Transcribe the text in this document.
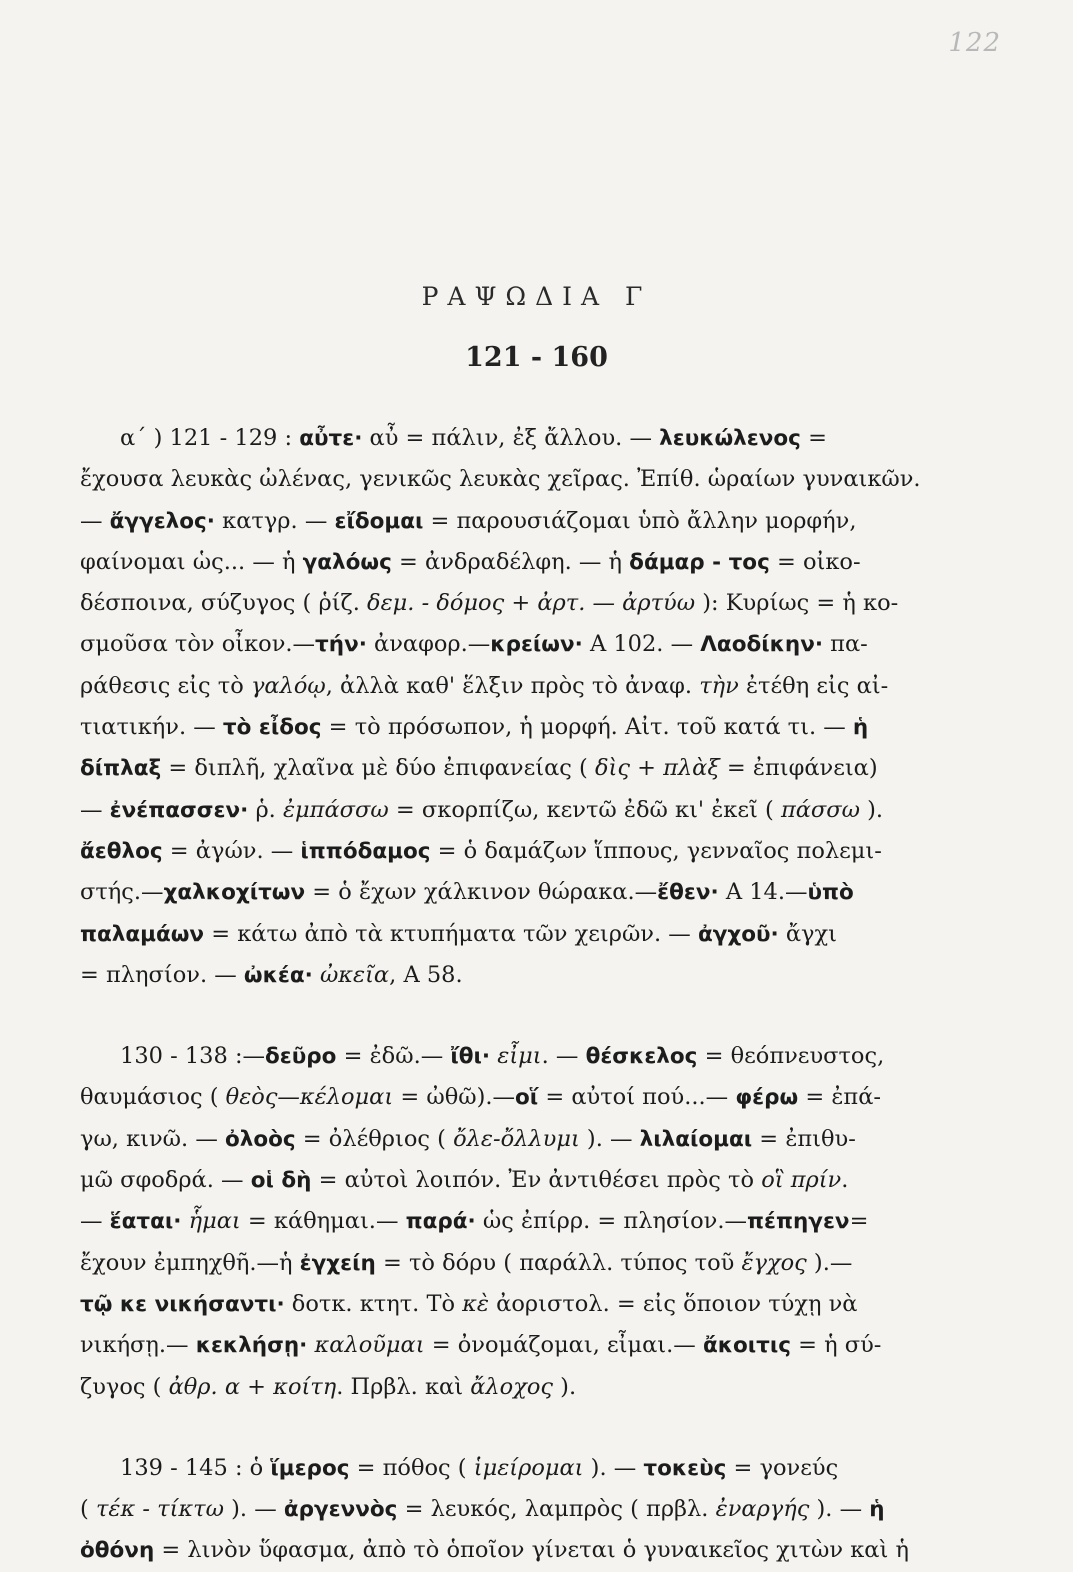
122
ΡΑΨΩΔΙΑ Γ
121 - 160
α΄ ) 121 - 129 : αὖτε· αὖ = πάλιν, ἐξ ἄλλου. — λευκώλενος =
ἔχουσα λευκὰς ὠλένας, γενικῶς λευκὰς χεῖρας. Ἐπίθ. ὡραίων γυναικῶν.
— ἄγγελος· κατγρ. — εἴδομαι = παρουσιάζομαι ὑπὸ ἄλλην μορφήν,
φαίνομαι ὡς... — ἡ γαλόως = ἀνδραδέλφη. — ἡ δάμαρ - τος = οἰκο-
δέσποινα, σύζυγος ( ῥίζ. δεμ. - δόμος + ἀρτ. — ἀρτύω ): Κυρίως = ἡ κο-
σμοῦσα τὸν οἶκον.—τήν· ἀναφορ.—κρείων· Α 102. — Λαοδίκην· πα-
ράθεσις εἰς τὸ γαλόῳ, ἀλλὰ καθ' ἕλξιν πρὸς τὸ ἀναφ. τὴν ἐτέθη εἰς αἰ-
τιατικήν. — τὸ εἶδος = τὸ πρόσωπον, ἡ μορφή. Αἰτ. τοῦ κατά τι. — ἡ
δίπλαξ = διπλῆ, χλαῖνα μὲ δύο ἐπιφανείας ( δὶς + πλὰξ = ἐπιφάνεια)
— ἐνέπασσεν· ῥ. ἐμπάσσω = σκορπίζω, κεντῶ ἐδῶ κι' ἐκεῖ ( πάσσω ).
ἄεθλος = ἀγών. — ἱππόδαμος = ὁ δαμάζων ἵππους, γενναῖος πολεμι-
στής.—χαλκοχίτων = ὁ ἔχων χάλκινον θώρακα.—ἔθεν· Α 14.—ὑπὸ
παλαμάων = κάτω ἀπὸ τὰ κτυπήματα τῶν χειρῶν. — ἀγχοῦ· ἄγχι
= πλησίον. — ὠκέα· ὠκεῖα, Α 58.
130 - 138 :—δεῦρο = ἐδῶ.— ἴθι· εἶμι. — θέσκελος = θεόπνευστος,
θαυμάσιος ( θεὸς—κέλομαι = ὠθῶ).—οἵ = αὐτοί πού...— φέρω = ἐπά-
γω, κινῶ. — ὀλοὸς = ὀλέθριος ( ὄλε-ὄλλυμι ). — λιλαίομαι = ἐπιθυ-
μῶ σφοδρά. — οἱ δὴ = αὐτοὶ λοιπόν. Ἐν ἀντιθέσει πρὸς τὸ οἳ πρίν.
— ἕαται· ἧμαι = κάθημαι.— παρά· ὡς ἐπίρρ. = πλησίον.—πέπηγεν=
ἔχουν ἐμπηχθῆ.—ἡ ἐγχείη = τὸ δόρυ ( παράλλ. τύπος τοῦ ἔγχος ).—
τῷ κε νικήσαντι· δοτκ. κτητ. Τὸ κὲ ἀοριστολ. = εἰς ὅποιον τύχῃ νὰ
νικήσῃ.— κεκλήσῃ· καλοῦμαι = ὀνομάζομαι, εἶμαι.— ἄκοιτις = ἡ σύ-
ζυγος ( ἀθρ. α + κοίτη. Πρβλ. καὶ ἄλοχος ).
139 - 145 : ὁ ἵμερος = πόθος ( ἱμείρομαι ). — τοκεὺς = γονεύς
( τέκ - τίκτω ). — ἀργεννὸς = λευκός, λαμπρὸς ( πρβλ. ἐναργής ). — ἡ
ὀθόνη = λινὸν ὕφασμα, ἀπὸ τὸ ὁποῖον γίνεται ὁ γυναικεῖος χιτὼν καὶ ἡ
